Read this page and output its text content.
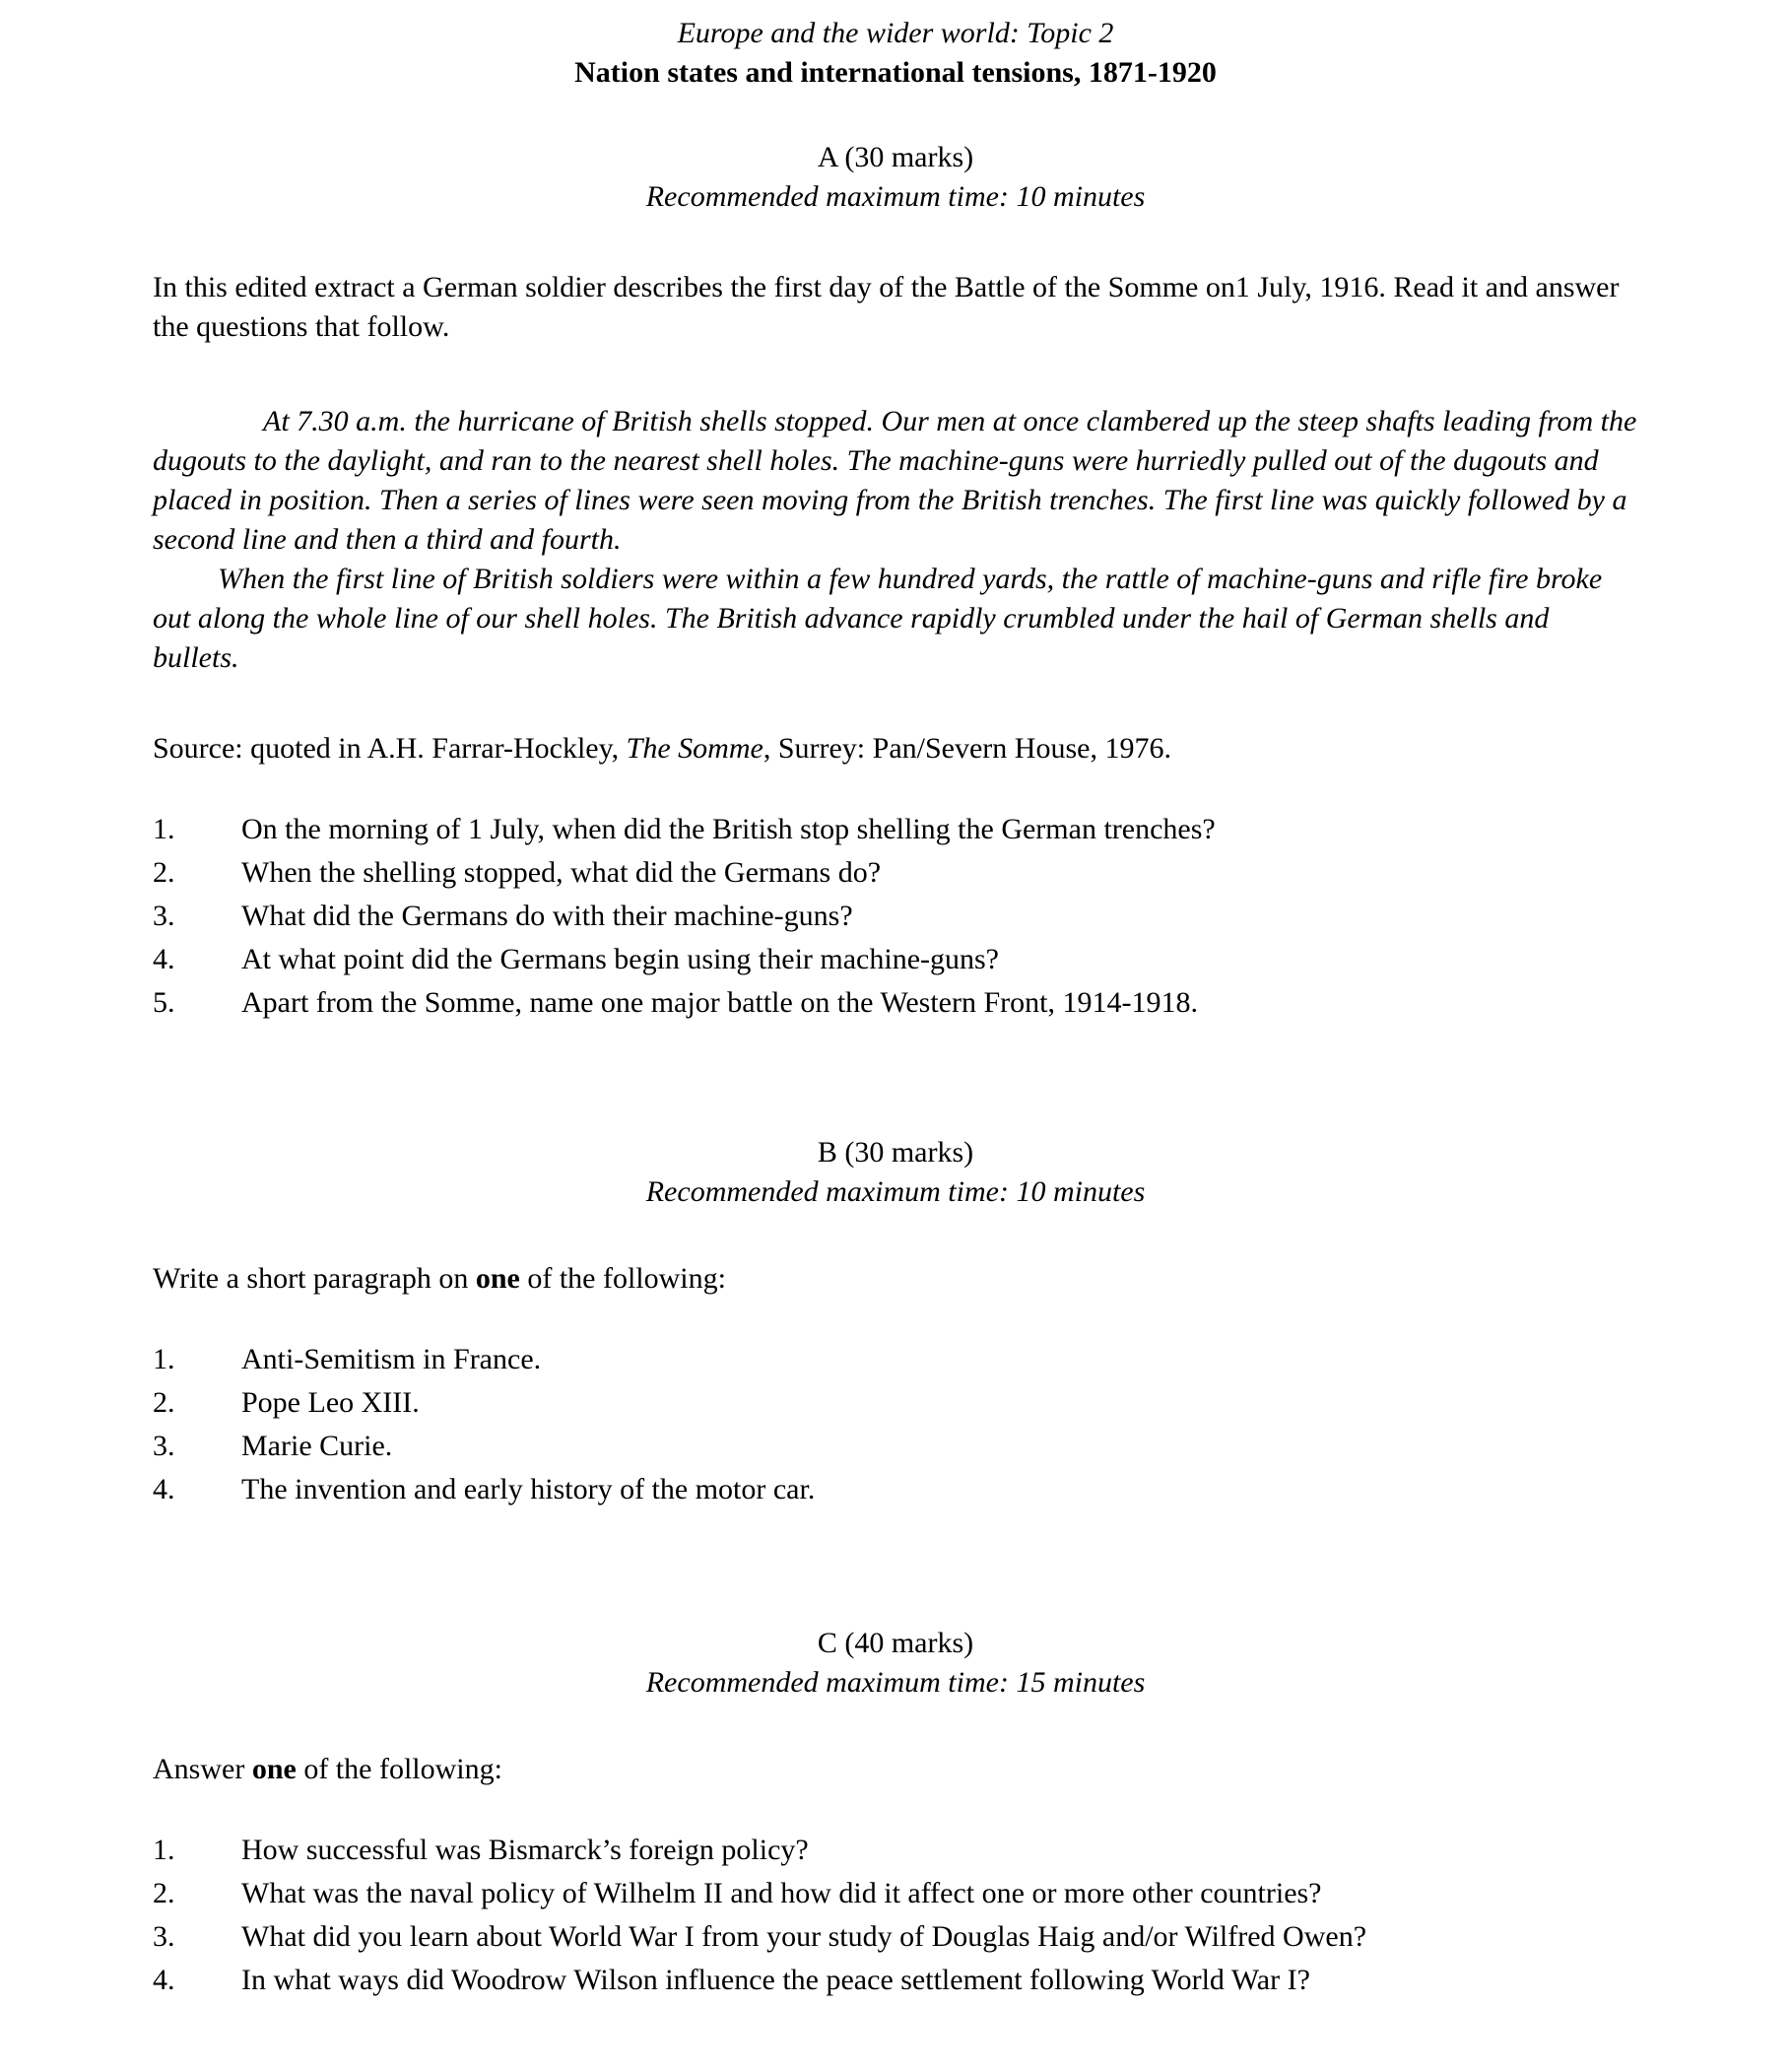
Europe and the wider world: Topic 2

Nation states and international tensions, 1871-1920

A (30 marks)

Recommended maximum time: 10 minutes

In this edited extract a German soldier describes the first day of the Battle of the Somme on1 July, 1916. Read it and answer the questions that follow.

At 7.30 a.m. the hurricane of British shells stopped. Our men at once clambered up the steep shafts leading from the dugouts to the daylight, and ran to the nearest shell holes. The machine-guns were hurriedly pulled out of the dugouts and placed in position. Then a series of lines were seen moving from the British trenches. The first line was quickly followed by a second line and then a third and fourth.

When the first line of British soldiers were within a few hundred yards, the rattle of machine-guns and rifle fire broke out along the whole line of our shell holes. The British advance rapidly crumbled under the hail of German shells and bullets.

Source: quoted in A.H. Farrar-Hockley, The Somme, Surrey: Pan/Severn House, 1976.

1.	On the morning of 1 July, when did the British stop shelling the German trenches?
2.	When the shelling stopped, what did the Germans do?
3.	What did the Germans do with their machine-guns?
4.	At what point did the Germans begin using their machine-guns?
5.	Apart from the Somme, name one major battle on the Western Front, 1914-1918.

B (30 marks)

Recommended maximum time: 10 minutes

Write a short paragraph on one of the following:

1.	Anti-Semitism in France.
2.	Pope Leo XIII.
3.	Marie Curie.
4.	The invention and early history of the motor car.

C (40 marks)

Recommended maximum time: 15 minutes

Answer one of the following:

1.	How successful was Bismarck’s foreign policy?
2.	What was the naval policy of Wilhelm II and how did it affect one or more other countries?
3.	What did you learn about World War I from your study of Douglas Haig and/or Wilfred Owen?
4.	In what ways did Woodrow Wilson influence the peace settlement following World War I?
